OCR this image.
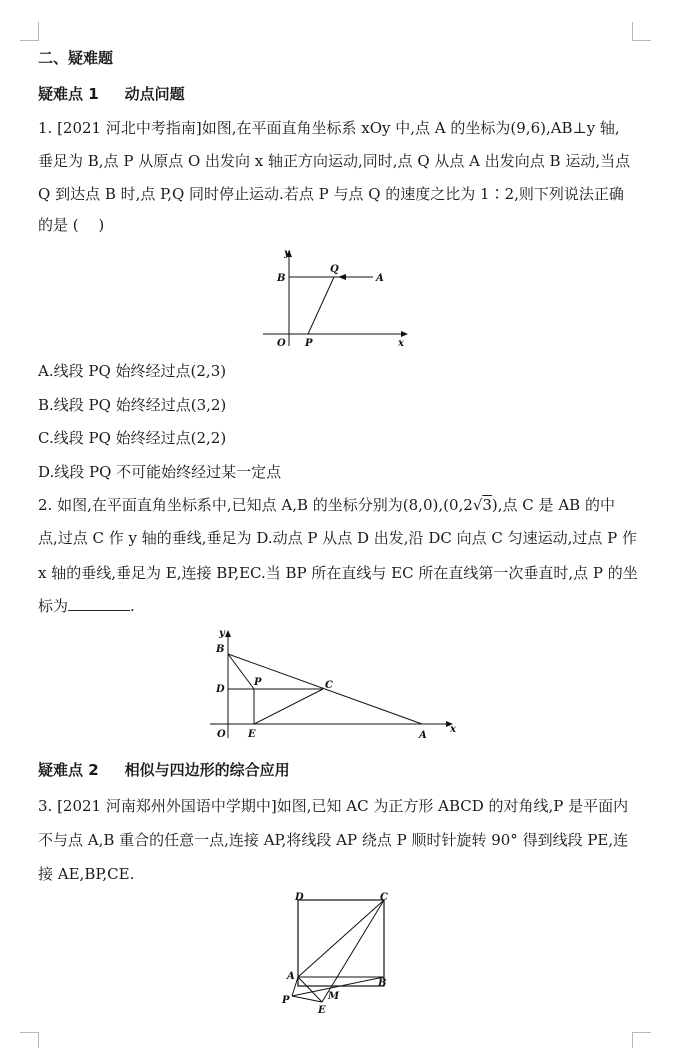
二、疑难题
疑难点 1 动点问题
1. [2021 河北中考指南]如图,在平面直角坐标系 xOy 中,点 A 的坐标为(9,6),AB⊥y 轴,
垂足为 B,点 P 从原点 O 出发向 x 轴正方向运动,同时,点 Q 从点 A 出发向点 B 运动,当点
Q 到达点 B 时,点 P,Q 同时停止运动.若点 P 与点 Q 的速度之比为 1∶2,则下列说法正确
的是 (　 )
y
x
B
Q
A
O P
A.线段 PQ 始终经过点(2,3)
B.线段 PQ 始终经过点(3,2)
C.线段 PQ 始终经过点(2,2)
D.线段 PQ 不可能始终经过某一定点
2. 如图,在平面直角坐标系中,已知点 A,B 的坐标分别为(8,0),(0,2√3),点 C 是 AB 的中
点,过点 C 作 y 轴的垂线,垂足为 D.动点 P 从点 D 出发,沿 DC 向点 C 匀速运动,过点 P 作
x 轴的垂线,垂足为 E,连接 BP,EC.当 BP 所在直线与 EC 所在直线第一次垂直时,点 P 的坐
标为	.
y
x
B
D
P	C
O E	A
疑难点 2 相似与四边形的综合应用
3. [2021 河南郑州外国语中学期中]如图,已知 AC 为正方形 ABCD 的对角线,P 是平面内
不与点 A,B 重合的任意一点,连接 AP,将线段 AP 绕点 P 顺时针旋转 90° 得到线段 PE,连
接 AE,BP,CE.
D	C
A
B
P	M
E
